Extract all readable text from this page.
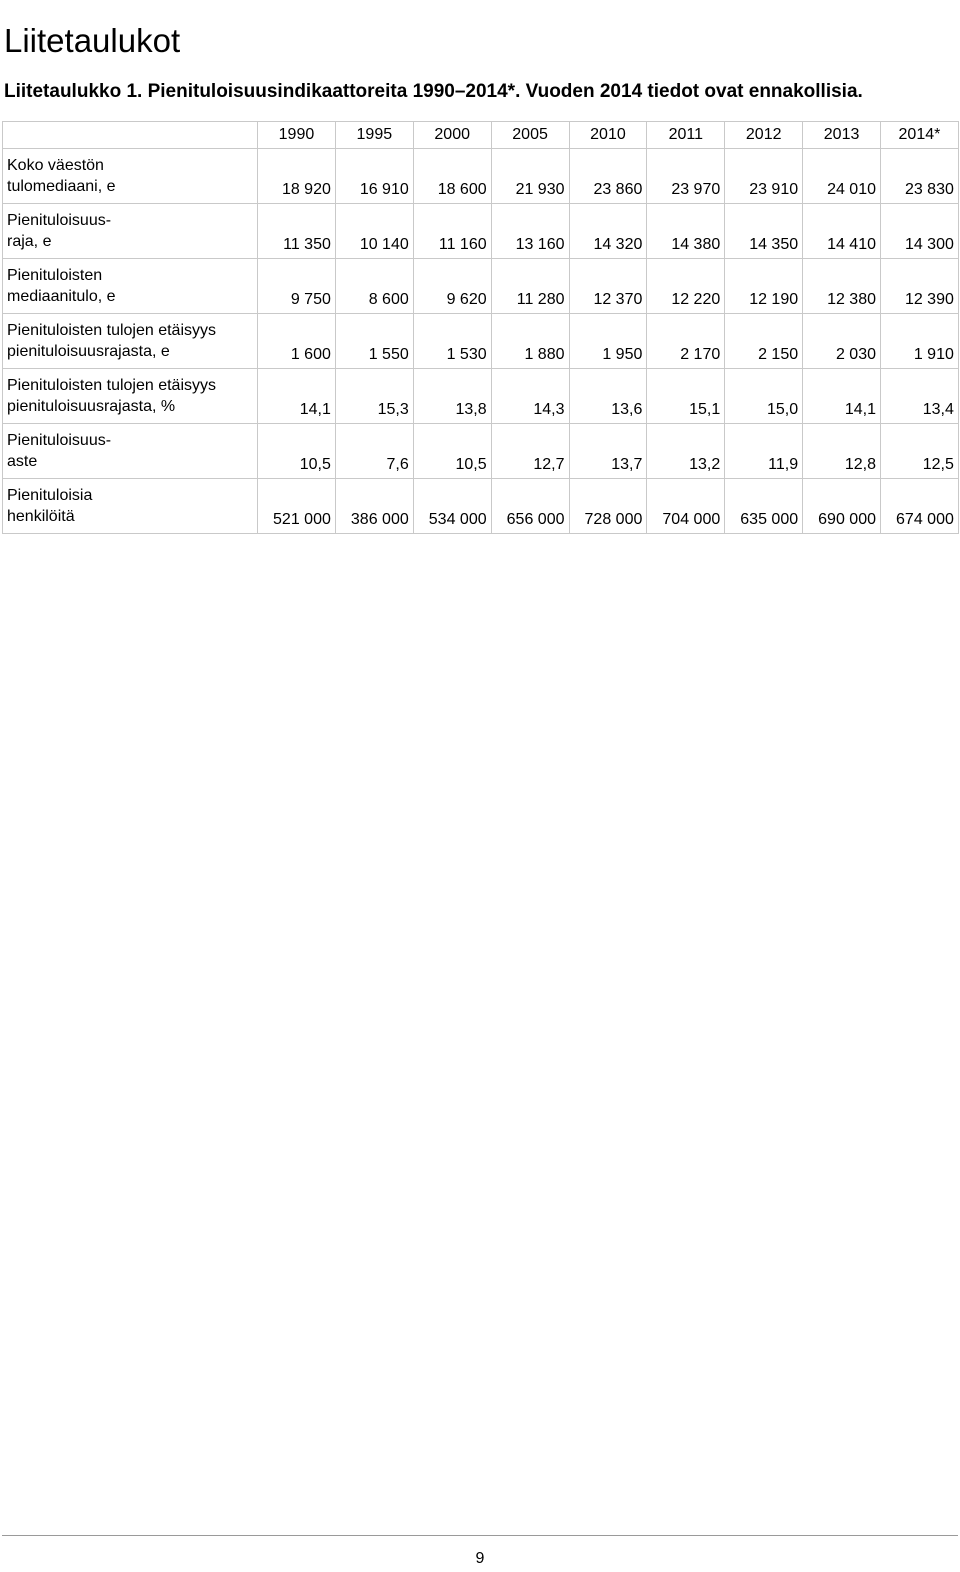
Liitetaulukot
Liitetaulukko 1. Pienituloisuusindikaattoreita 1990–2014*. Vuoden 2014 tiedot ovat ennakollisia.
	1990	1995	2000	2005	2010	2011	2012	2013	2014*
Koko väestön
tulomediaani, e	18 920	16 910	18 600	21 930	23 860	23 970	23 910	24 010	23 830
Pienituloisuus-
raja, e	11 350	10 140	11 160	13 160	14 320	14 380	14 350	14 410	14 300
Pienituloisten
mediaanitulo, e	9 750	8 600	9 620	11 280	12 370	12 220	12 190	12 380	12 390
Pienituloisten tulojen etäisyys
pienituloisuusrajasta, e	1 600	1 550	1 530	1 880	1 950	2 170	2 150	2 030	1 910
Pienituloisten tulojen etäisyys
pienituloisuusrajasta, %	14,1	15,3	13,8	14,3	13,6	15,1	15,0	14,1	13,4
Pienituloisuus-
aste	10,5	7,6	10,5	12,7	13,7	13,2	11,9	12,8	12,5
Pienituloisia
henkilöitä	521 000	386 000	534 000	656 000	728 000	704 000	635 000	690 000	674 000
9
